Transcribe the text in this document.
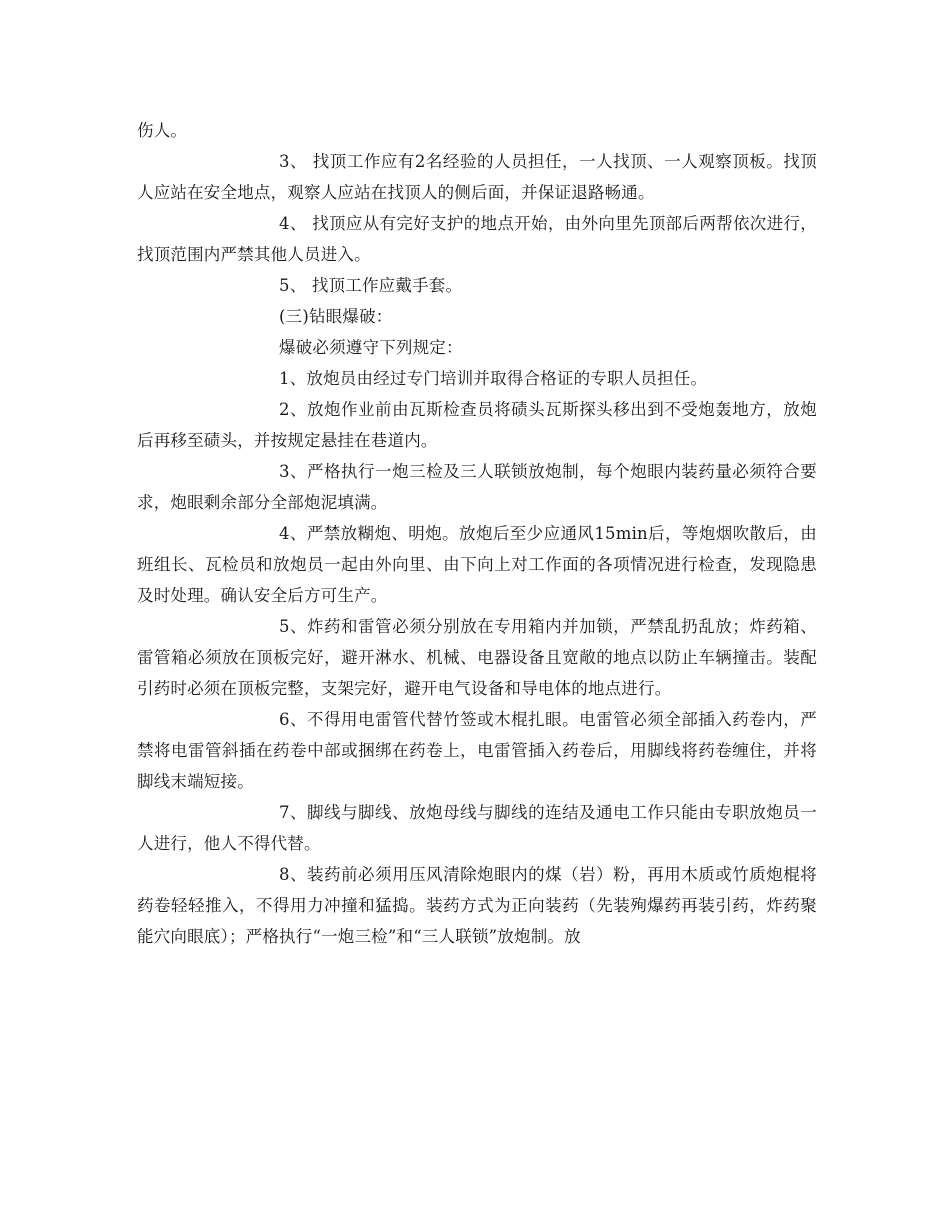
伤人。

3、 找顶工作应有2名经验的人员担任，一人找顶、一人观察顶板。找顶人应站在安全地点，观察人应站在找顶人的侧后面，并保证退路畅通。

4、 找顶应从有完好支护的地点开始，由外向里先顶部后两帮依次进行，找顶范围内严禁其他人员进入。

5、 找顶工作应戴手套。

(三)钻眼爆破：

爆破必须遵守下列规定：

1、放炮员由经过专门培训并取得合格证的专职人员担任。

2、放炮作业前由瓦斯检查员将碛头瓦斯探头移出到不受炮轰地方，放炮后再移至碛头，并按规定悬挂在巷道内。

3、严格执行一炮三检及三人联锁放炮制，每个炮眼内装药量必须符合要求，炮眼剩余部分全部炮泥填满。

4、严禁放糊炮、明炮。放炮后至少应通风15min后，等炮烟吹散后，由班组长、瓦检员和放炮员一起由外向里、由下向上对工作面的各项情况进行检查，发现隐患及时处理。确认安全后方可生产。

5、炸药和雷管必须分别放在专用箱内并加锁，严禁乱扔乱放；炸药箱、雷管箱必须放在顶板完好，避开淋水、机械、电器设备且宽敞的地点以防止车辆撞击。装配引药时必须在顶板完整，支架完好，避开电气设备和导电体的地点进行。

6、不得用电雷管代替竹签或木棍扎眼。电雷管必须全部插入药卷内，严禁将电雷管斜插在药卷中部或捆绑在药卷上，电雷管插入药卷后，用脚线将药卷缠住，并将脚线末端短接。

7、脚线与脚线、放炮母线与脚线的连结及通电工作只能由专职放炮员一人进行，他人不得代替。

8、装药前必须用压风清除炮眼内的煤（岩）粉，再用木质或竹质炮棍将药卷轻轻推入，不得用力冲撞和猛捣。装药方式为正向装药（先装殉爆药再装引药，炸药聚能穴向眼底）；严格执行“一炮三检”和“三人联锁”放炮制。放
